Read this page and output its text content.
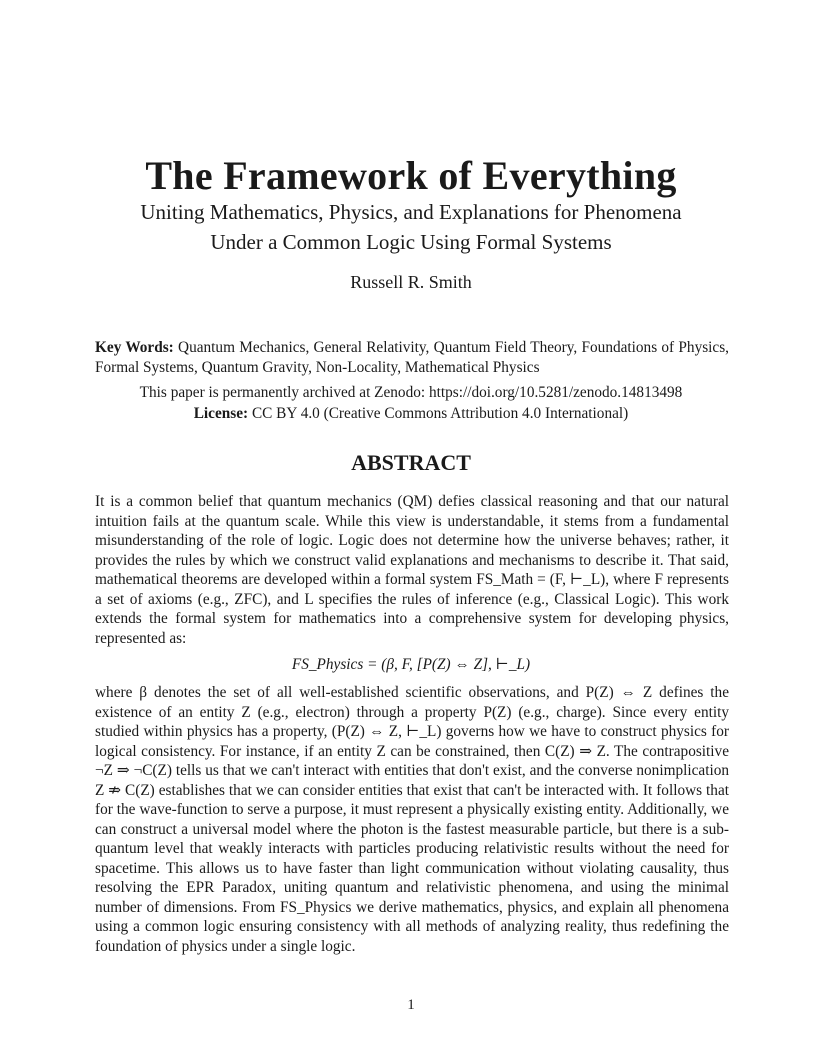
The Framework of Everything
Uniting Mathematics, Physics, and Explanations for Phenomena
Under a Common Logic Using Formal Systems
Russell R. Smith
Key Words: Quantum Mechanics, General Relativity, Quantum Field Theory, Foundations of Physics, Formal Systems, Quantum Gravity, Non-Locality, Mathematical Physics
This paper is permanently archived at Zenodo: https://doi.org/10.5281/zenodo.14813498
License: CC BY 4.0 (Creative Commons Attribution 4.0 International)
ABSTRACT

It is a common belief that quantum mechanics (QM) defies classical reasoning and that our natural intuition fails at the quantum scale. While this view is understandable, it stems from a fundamental misunderstanding of the role of logic. Logic does not determine how the universe behaves; rather, it provides the rules by which we construct valid explanations and mechanisms to describe it. That said, mathematical theorems are developed within a formal system FS_Math = (F, ⊢_L), where F represents a set of axioms (e.g., ZFC), and L specifies the rules of inference (e.g., Classical Logic). This work extends the formal system for mathematics into a comprehensive system for developing physics, represented as:

FS_Physics = (β, F, [P(Z) ⇔ Z], ⊢_L)

where β denotes the set of all well-established scientific observations, and P(Z) ⇔ Z defines the existence of an entity Z (e.g., electron) through a property P(Z) (e.g., charge). Since every entity studied within physics has a property, (P(Z) ⇔ Z, ⊢_L) governs how we have to construct physics for logical consistency. For instance, if an entity Z can be constrained, then C(Z) ⇒ Z. The contrapositive ¬Z ⇒ ¬C(Z) tells us that we can't interact with entities that don't exist, and the converse nonimplication Z ⇏ C(Z) establishes that we can consider entities that exist that can't be interacted with. It follows that for the wave-function to serve a purpose, it must represent a physically existing entity. Additionally, we can construct a universal model where the photon is the fastest measurable particle, but there is a sub-quantum level that weakly interacts with particles producing relativistic results without the need for spacetime. This allows us to have faster than light communication without violating causality, thus resolving the EPR Paradox, uniting quantum and relativistic phenomena, and using the minimal number of dimensions. From FS_Physics we derive mathematics, physics, and explain all phenomena using a common logic ensuring consistency with all methods of analyzing reality, thus redefining the foundation of physics under a single logic.

1
